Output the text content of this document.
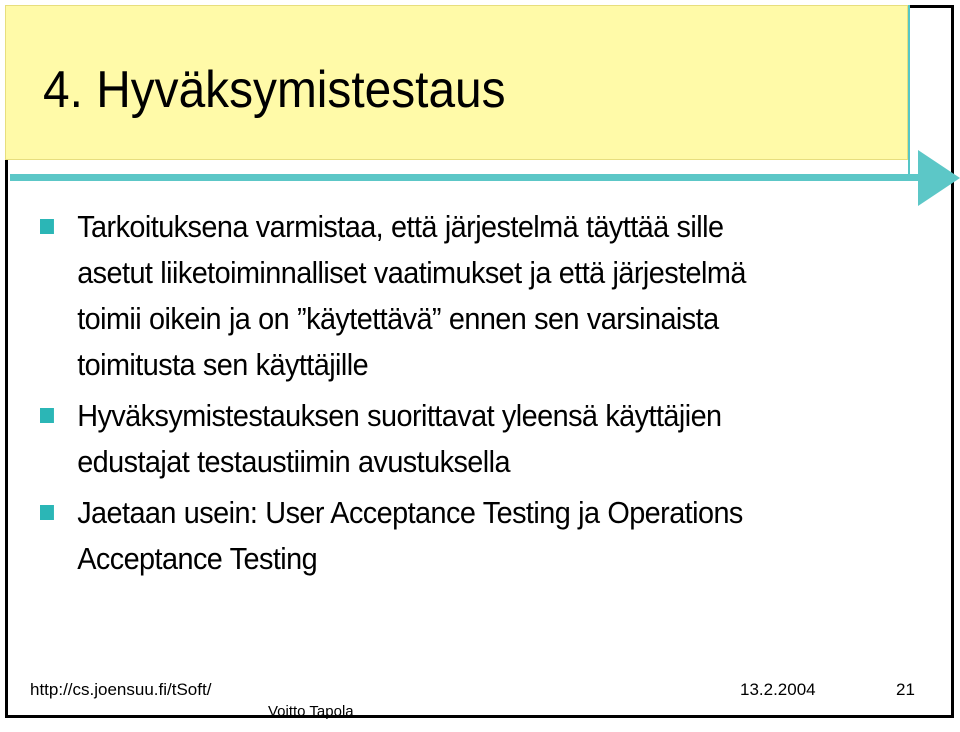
4. Hyväksymistestaus
Tarkoituksena varmistaa, että järjestelmä täyttää sille asetut liiketoiminnalliset vaatimukset ja että järjestelmä toimii oikein ja on ”käytettävä” ennen sen varsinaista toimitusta sen käyttäjille
Hyväksymistestauksen suorittavat yleensä käyttäjien edustajat testaustiimin avustuksella
Jaetaan usein: User Acceptance Testing ja Operations Acceptance Testing
http://cs.joensuu.fi/tSoft/	13.2.2004	21
Voitto Tapola
